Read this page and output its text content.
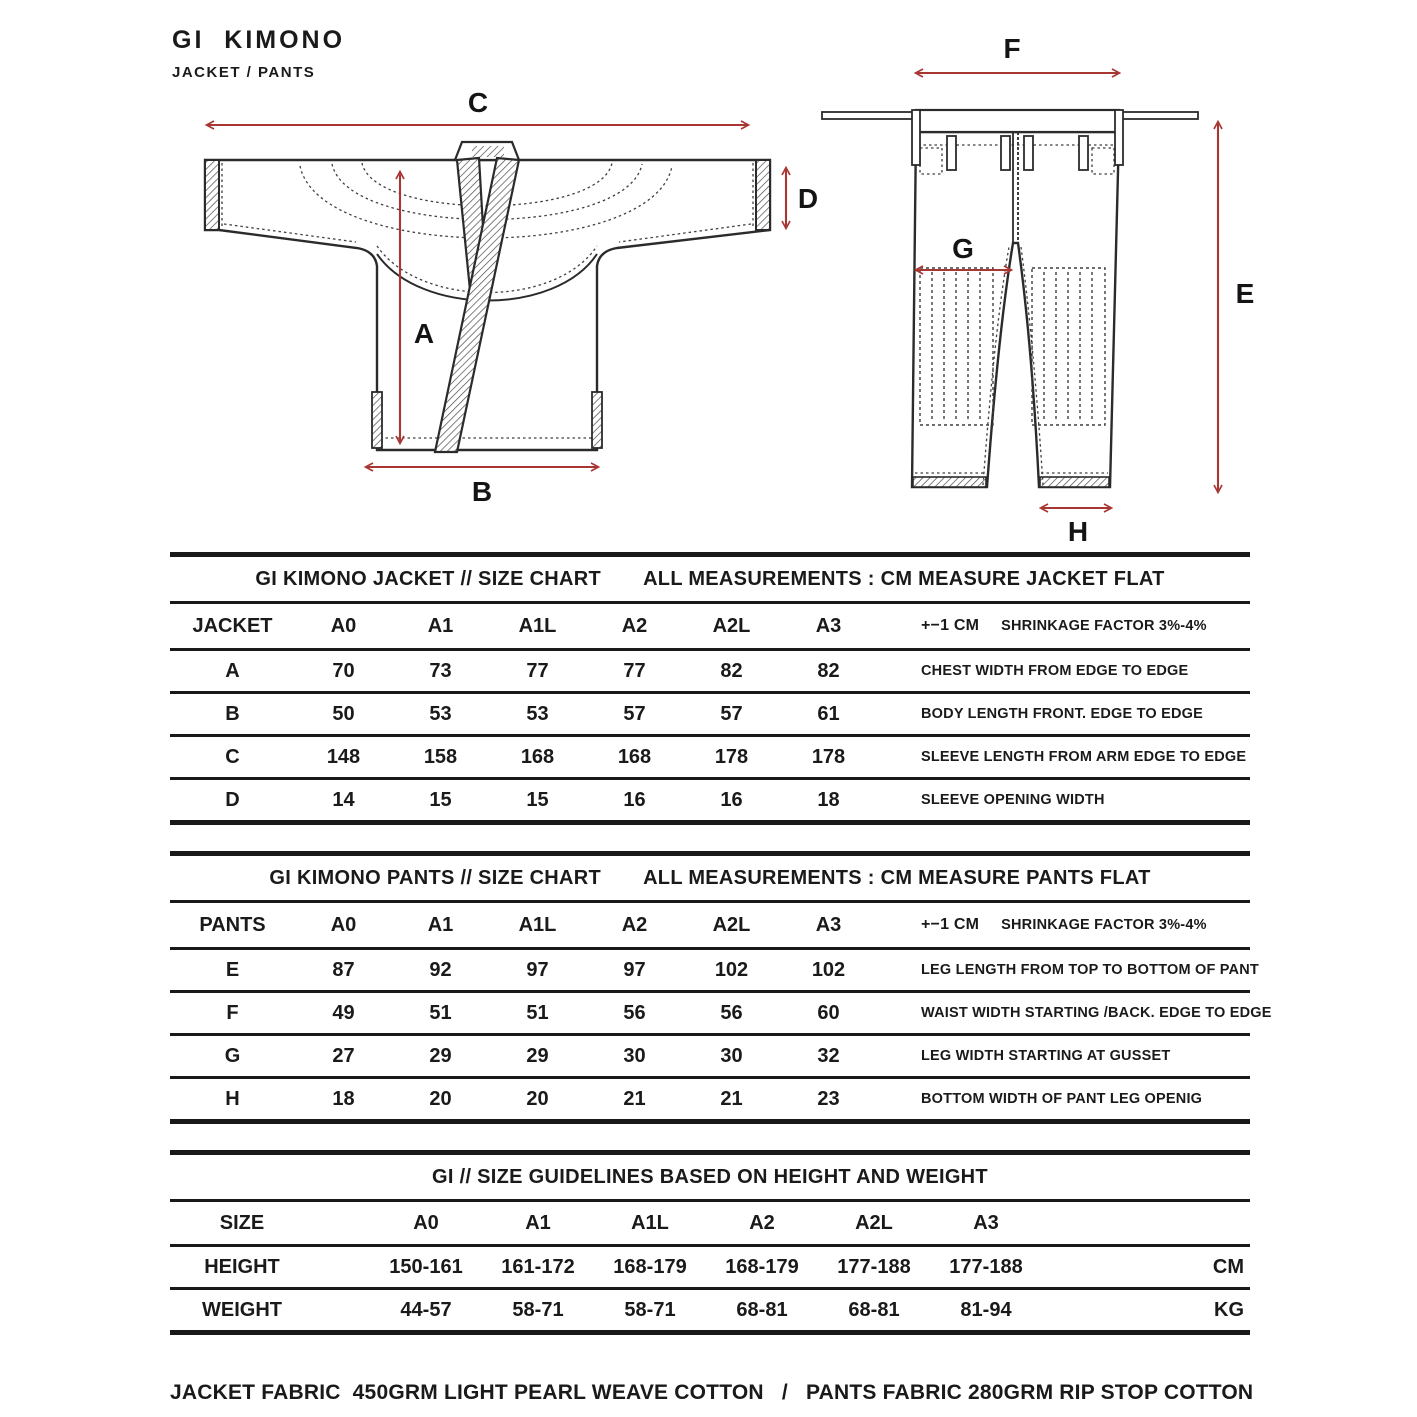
C
A
B
D
F
E
G
H
GI  KIMONO
JACKET / PANTS
GI KIMONO JACKET // SIZE CHART ALL MEASUREMENTS : CM MEASURE JACKET FLAT
JACKET	A0	A1	A1L	A2	A2L	A3	+−1 CM SHRINKAGE FACTOR 3%-4%
A	70	73	77	77	82	82	CHEST WIDTH FROM EDGE TO EDGE
B	50	53	53	57	57	61	BODY LENGTH FRONT. EDGE TO EDGE
C	148	158	168	168	178	178	SLEEVE LENGTH FROM ARM EDGE TO EDGE
D	14	15	15	16	16	18	SLEEVE OPENING WIDTH
GI KIMONO PANTS // SIZE CHART ALL MEASUREMENTS : CM MEASURE PANTS FLAT
PANTS	A0	A1	A1L	A2	A2L	A3	+−1 CM SHRINKAGE FACTOR 3%-4%
E	87	92	97	97	102	102	LEG LENGTH FROM TOP TO BOTTOM OF PANT
F	49	51	51	56	56	60	WAIST WIDTH STARTING /BACK. EDGE TO EDGE
G	27	29	29	30	30	32	LEG WIDTH STARTING AT GUSSET
H	18	20	20	21	21	23	BOTTOM WIDTH OF PANT LEG OPENIG
GI // SIZE GUIDELINES BASED ON HEIGHT AND WEIGHT
SIZE	A0	A1	A1L	A2	A2L	A3
HEIGHT	150-161	161-172	168-179	168-179	177-188	177-188	CM
WEIGHT	44-57	58-71	58-71	68-81	68-81	81-94	KG
JACKET FABRIC  450GRM LIGHT PEARL WEAVE COTTON   /   PANTS FABRIC 280GRM RIP STOP COTTON
